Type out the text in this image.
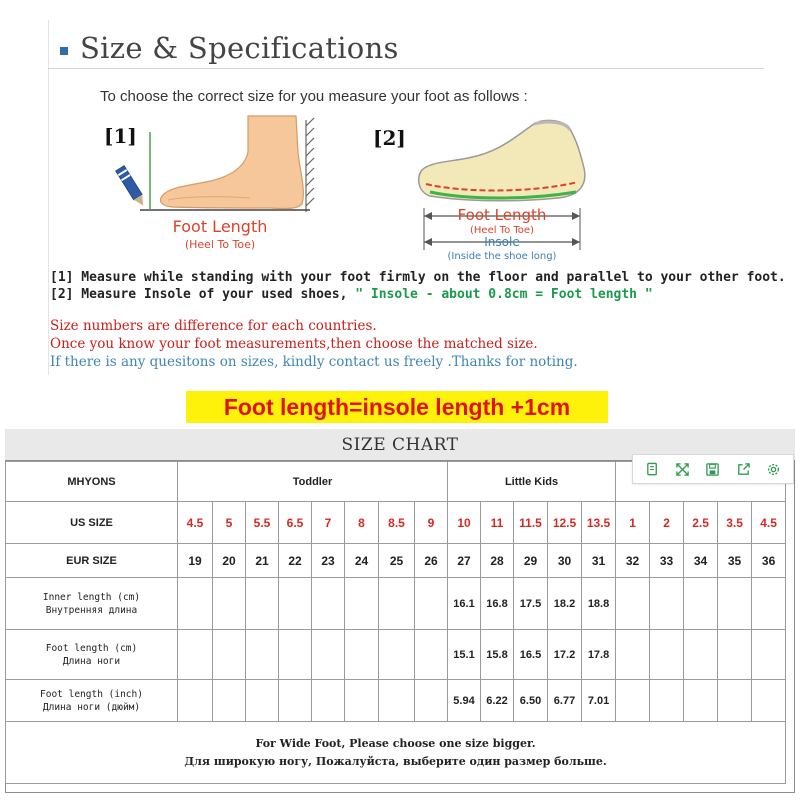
Size & Specifications
To choose the correct size for you measure your foot as follows :
[1]
Foot Length
(Heel To Toe)
[2]
Foot Length
(Heel To Toe)
Insole
(Inside the shoe long)
[1] Measure while standing with your foot firmly on the floor and parallel to your other foot.
[2] Measure Insole of your used shoes, " Insole - about 0.8cm = Foot length "
Size numbers are difference for each countries.
Once you know your foot measurements,then choose the matched size.
If there is any quesitons on sizes, kindly contact us freely .Thanks for noting.
Foot length=insole length +1cm
SIZE CHART
MHYONS	Toddler								Little Kids									
US SIZE	4.5	5	5.5	6.5	7	8	8.5	9	10	11	11.5	12.5	13.5	1	2	2.5	3.5	4.5
EUR SIZE	19	20	21	22	23	24	25	26	27	28	29	30	31	32	33	34	35	36

Inner length (cm)
Внутренняя длина									16.1	16.8	17.5	18.2	18.8					

Foot length (cm)
Длина ноги									15.1	15.8	16.5	17.2	17.8					

Foot length (inch)
Длина ноги (дюйм)									5.94	6.22	6.50	6.77	7.01					

For Wide Foot, Please choose one size bigger.
Для широкую ногу, Пожалуйста, выберите один размер больше.																		
